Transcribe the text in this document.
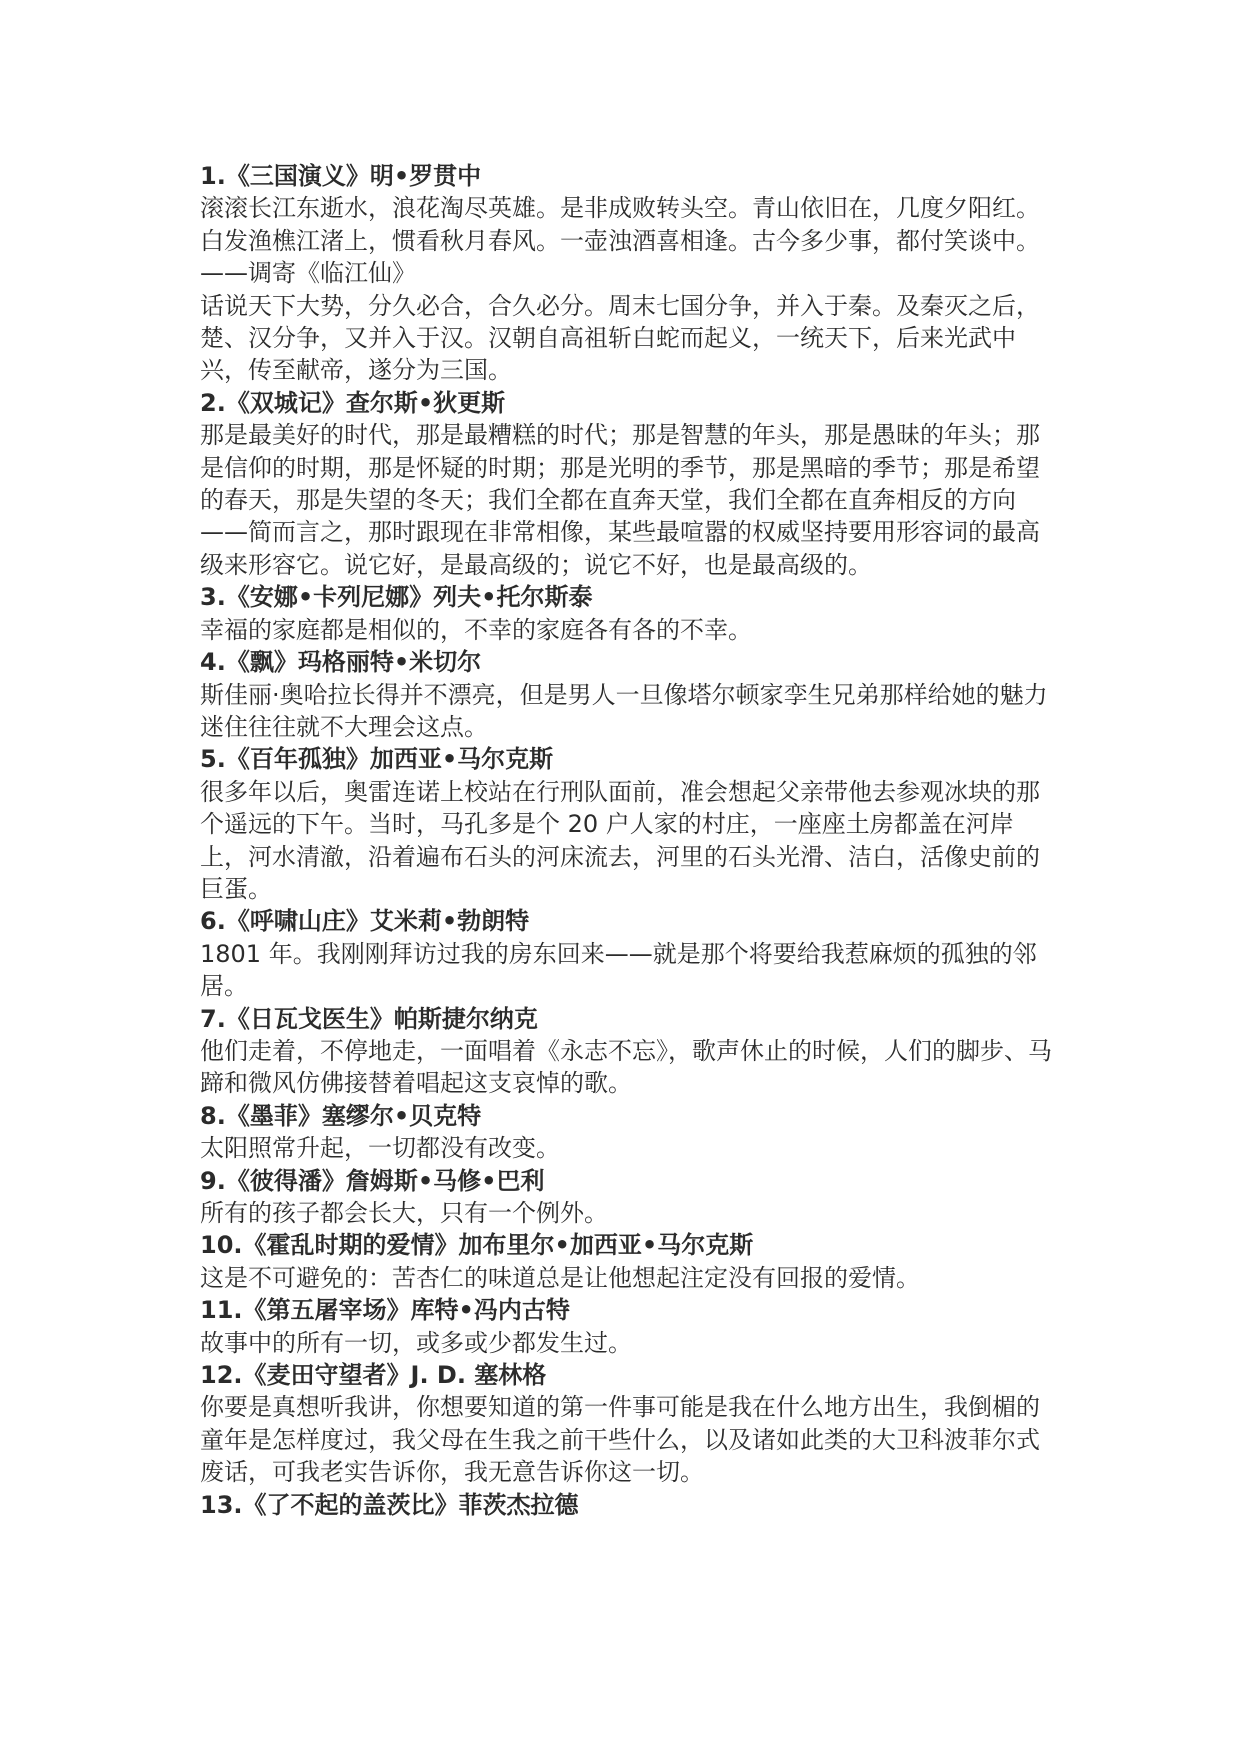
1.《三国演义》明•罗贯中

滚滚长江东逝水，浪花淘尽英雄。是非成败转头空。青山依旧在，几度夕阳红。白发渔樵江渚上，惯看秋月春风。一壶浊酒喜相逢。古今多少事，都付笑谈中。

——调寄《临江仙》

话说天下大势，分久必合，合久必分。周末七国分争，并入于秦。及秦灭之后，楚、汉分争，又并入于汉。汉朝自高祖斩白蛇而起义，一统天下，后来光武中兴，传至献帝，遂分为三国。

2.《双城记》查尔斯•狄更斯

那是最美好的时代，那是最糟糕的时代；那是智慧的年头，那是愚昧的年头；那是信仰的时期，那是怀疑的时期；那是光明的季节，那是黑暗的季节；那是希望的春天，那是失望的冬天；我们全都在直奔天堂，我们全都在直奔相反的方向——简而言之，那时跟现在非常相像，某些最喧嚣的权威坚持要用形容词的最高级来形容它。说它好，是最高级的；说它不好，也是最高级的。

3.《安娜•卡列尼娜》列夫•托尔斯泰

幸福的家庭都是相似的，不幸的家庭各有各的不幸。

4.《飘》玛格丽特•米切尔

斯佳丽·奥哈拉长得并不漂亮，但是男人一旦像塔尔顿家孪生兄弟那样给她的魅力迷住往往就不大理会这点。

5.《百年孤独》加西亚•马尔克斯

很多年以后，奥雷连诺上校站在行刑队面前，准会想起父亲带他去参观冰块的那个遥远的下午。当时，马孔多是个 20 户人家的村庄，一座座土房都盖在河岸上，河水清澈，沿着遍布石头的河床流去，河里的石头光滑、洁白，活像史前的巨蛋。

6.《呼啸山庄》艾米莉•勃朗特

1801 年。我刚刚拜访过我的房东回来——就是那个将要给我惹麻烦的孤独的邻居。

7.《日瓦戈医生》帕斯捷尔纳克

他们走着，不停地走，一面唱着《永志不忘》，歌声休止的时候，人们的脚步、马蹄和微风仿佛接替着唱起这支哀悼的歌。

8.《墨菲》塞缪尔•贝克特

太阳照常升起，一切都没有改变。

9.《彼得潘》詹姆斯•马修•巴利

所有的孩子都会长大，只有一个例外。

10.《霍乱时期的爱情》加布里尔•加西亚•马尔克斯

这是不可避免的：苦杏仁的味道总是让他想起注定没有回报的爱情。

11.《第五屠宰场》库特•冯内古特

故事中的所有一切，或多或少都发生过。

12.《麦田守望者》J. D. 塞林格

你要是真想听我讲，你想要知道的第一件事可能是我在什么地方出生，我倒楣的童年是怎样度过，我父母在生我之前干些什么，以及诸如此类的大卫科波菲尔式废话，可我老实告诉你，我无意告诉你这一切。

13.《了不起的盖茨比》菲茨杰拉德
